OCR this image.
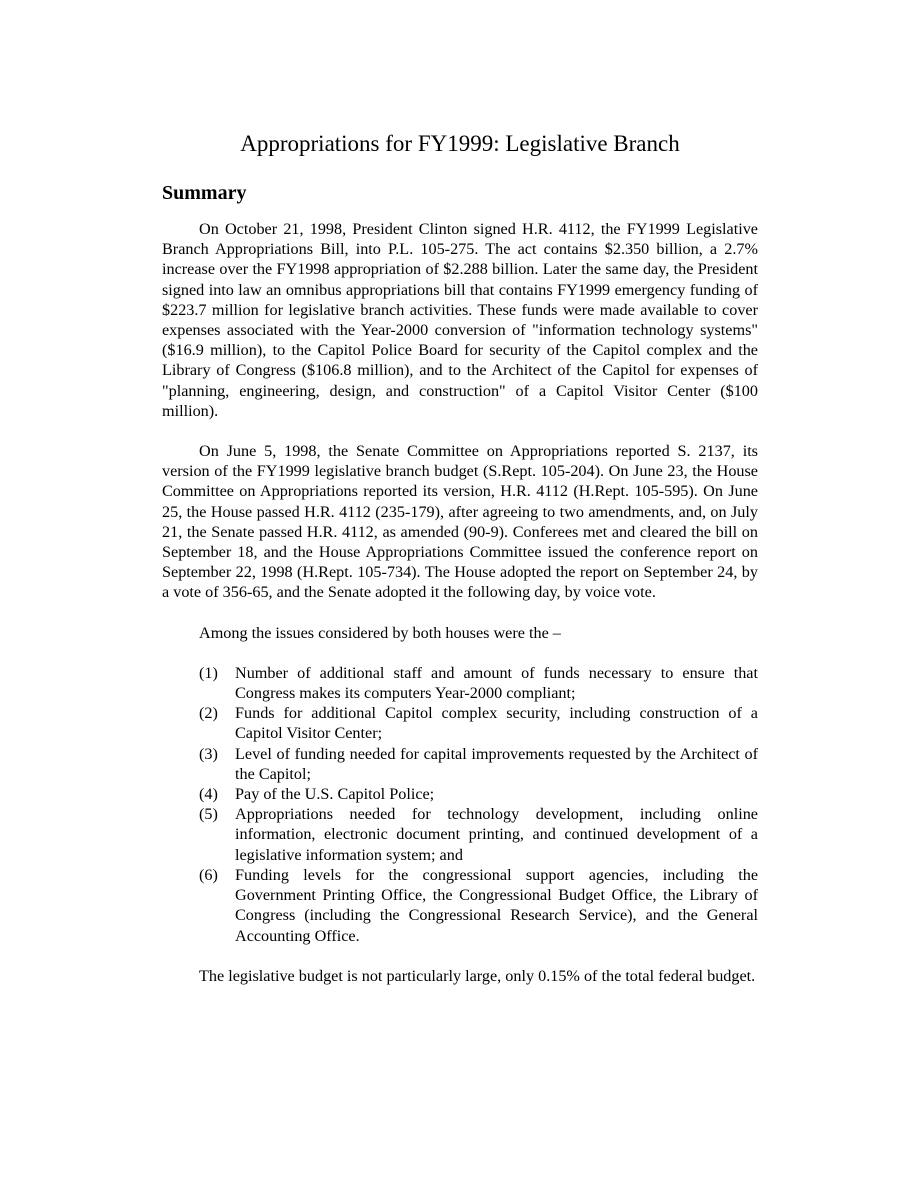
Appropriations for FY1999: Legislative Branch
Summary

On October 21, 1998, President Clinton signed H.R. 4112, the FY1999 Legislative Branch Appropriations Bill, into P.L. 105-275. The act contains $2.350 billion, a 2.7% increase over the FY1998 appropriation of $2.288 billion. Later the same day, the President signed into law an omnibus appropriations bill that contains FY1999 emergency funding of $223.7 million for legislative branch activities. These funds were made available to cover expenses associated with the Year-2000 conversion of "information technology systems" ($16.9 million), to the Capitol Police Board for security of the Capitol complex and the Library of Congress ($106.8 million), and to the Architect of the Capitol for expenses of "planning, engineering, design, and construction" of a Capitol Visitor Center ($100 million).

On June 5, 1998, the Senate Committee on Appropriations reported S. 2137, its version of the FY1999 legislative branch budget (S.Rept. 105-204). On June 23, the House Committee on Appropriations reported its version, H.R. 4112 (H.Rept. 105-595). On June 25, the House passed H.R. 4112 (235-179), after agreeing to two amendments, and, on July 21, the Senate passed H.R. 4112, as amended (90-9). Conferees met and cleared the bill on September 18, and the House Appropriations Committee issued the conference report on September 22, 1998 (H.Rept. 105-734). The House adopted the report on September 24, by a vote of 356-65, and the Senate adopted it the following day, by voice vote.

Among the issues considered by both houses were the –

(1) Number of additional staff and amount of funds necessary to ensure that Congress makes its computers Year-2000 compliant;
(2) Funds for additional Capitol complex security, including construction of a Capitol Visitor Center;
(3) Level of funding needed for capital improvements requested by the Architect of the Capitol;
(4) Pay of the U.S. Capitol Police;
(5) Appropriations needed for technology development, including online information, electronic document printing, and continued development of a legislative information system; and
(6) Funding levels for the congressional support agencies, including the Government Printing Office, the Congressional Budget Office, the Library of Congress (including the Congressional Research Service), and the General Accounting Office.

The legislative budget is not particularly large, only 0.15% of the total federal budget.
